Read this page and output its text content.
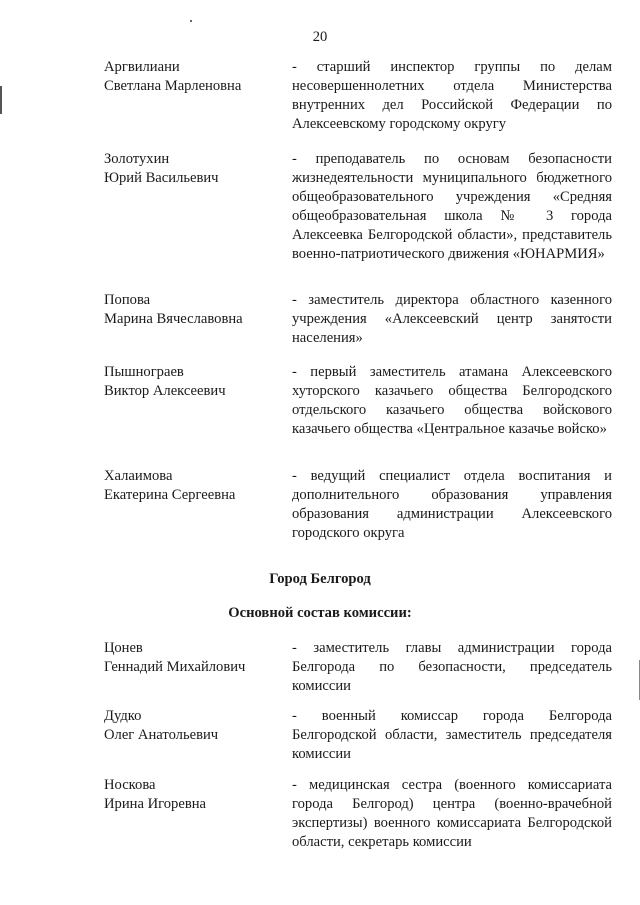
20
Аргвилиани
Светлана Марленовна
- старший инспектор группы по делам несовершеннолетних отдела Министерства внутренних дел Российской Федерации по Алексеевскому городскому округу
Золотухин
Юрий Васильевич
- преподаватель по основам безопасности жизнедеятельности муниципального бюджетного общеобразовательного учреждения «Средняя общеобразовательная школа № 3 города Алексеевка Белгородской области», представитель военно-патриотического движения «ЮНАРМИЯ»
Попова
Марина Вячеславовна
- заместитель директора областного казенного учреждения «Алексеевский центр занятости населения»
Пышнограев
Виктор Алексеевич
- первый заместитель атамана Алексеевского хуторского казачьего общества Белгородского отдельского казачьего общества войскового казачьего общества «Центральное казачье войско»
Халаимова
Екатерина Сергеевна
- ведущий специалист отдела воспитания и дополнительного образования управления образования администрации Алексеевского городского округа
Город Белгород
Основной состав комиссии:
Цонев
Геннадий Михайлович
- заместитель главы администрации города Белгорода по безопасности, председатель комиссии
Дудко
Олег Анатольевич
- военный комиссар города Белгорода Белгородской области, заместитель председателя комиссии
Носкова
Ирина Игоревна
- медицинская сестра (военного комиссариата города Белгород) центра (военно-врачебной экспертизы) военного комиссариата Белгородской области, секретарь комиссии
